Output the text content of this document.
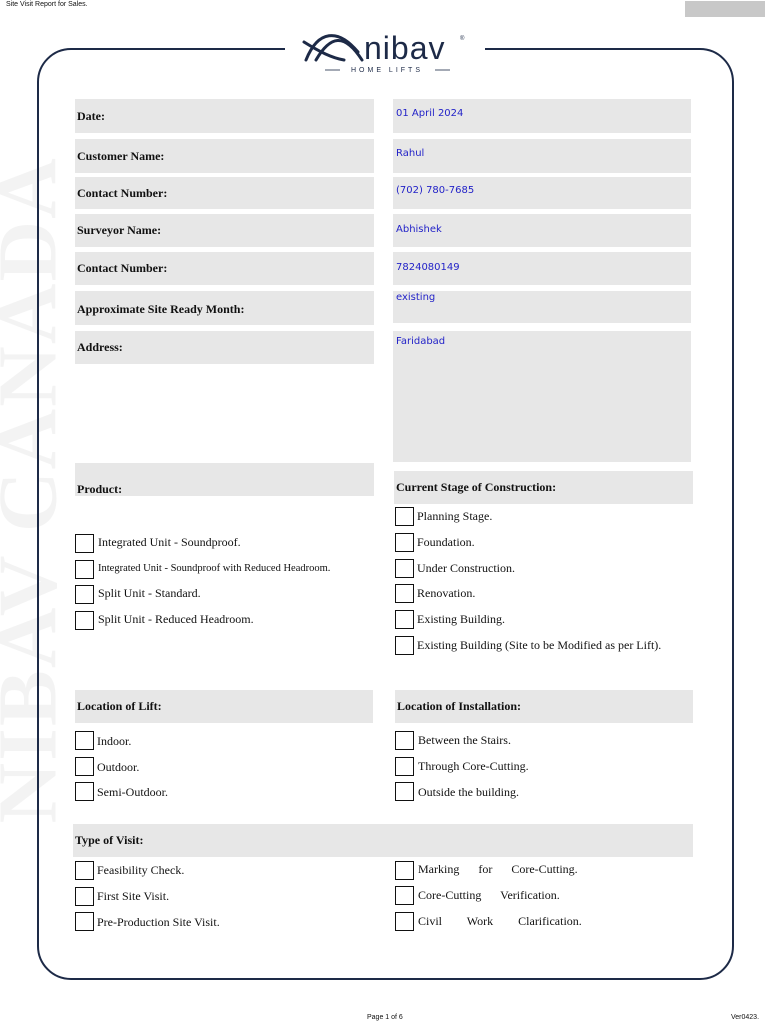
Site Visit Report for Sales.
nibav ®
HOME LIFTS
Date:	01 April 2024
Customer Name:	Rahul
Contact Number:	(702) 780-7685
Surveyor Name:	Abhishek
Contact Number:	7824080149
Approximate Site Ready Month:
existing
Address:	Faridabad
Product:
Integrated Unit - Soundproof.
Integrated Unit - Soundproof with Reduced Headroom.
Split Unit - Standard.
Split Unit - Reduced Headroom.
Current Stage of Construction:
Planning Stage.
Foundation.
Under Construction.
Renovation.
Existing Building.
Existing Building (Site to be Modified as per Lift).
Location of Lift:
Indoor.
Outdoor.
Semi-Outdoor.
Location of Installation:
Between the Stairs.
Through Core-Cutting.
Outside the building.
Type of Visit:
Feasibility Check.
First Site Visit.
Pre-Production Site Visit.
Marking for Core-Cutting.
Core-Cutting Verification.
Civil Work Clarification.
Page 1 of 6	Ver0423.
